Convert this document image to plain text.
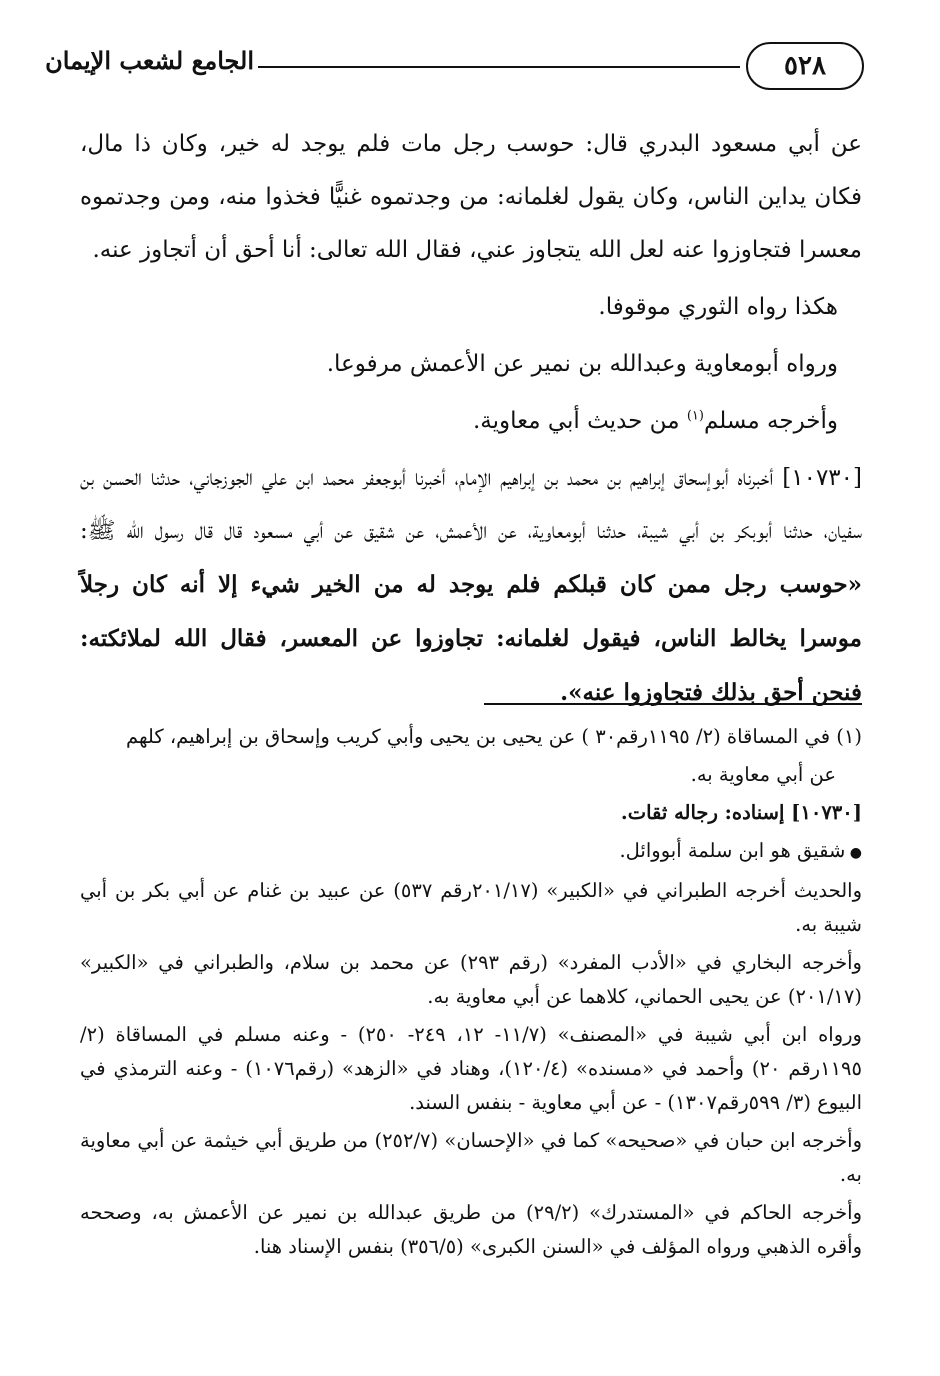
٥٢٨
الجامع لشعب الإيمان

عن أبي مسعود البدري قال: حوسب رجل مات فلم يوجد له خير، وكان ذا مال، فكان يداين الناس، وكان يقول لغلمانه: من وجدتموه غنيًّا فخذوا منه، ومن وجدتموه معسرا فتجاوزوا عنه لعل الله يتجاوز عني، فقال الله تعالى: أنا أحق أن أتجاوز عنه.

هكذا رواه الثوري موقوفا.

ورواه أبومعاوية وعبدالله بن نمير عن الأعمش مرفوعا.

وأخرجه مسلم$^{(١)}$ من حديث أبي معاوية.

[١٠٧٣٠] أخبرناه أبوإسحاق إبراهيم بن محمد بن إبراهيم الإمام، أخبرنا أبوجعفر محمد ابن علي الجوزجاني، حدثنا الحسن بن سفيان، حدثنا أبوبكر بن أبي شيبة، حدثنا أبومعاوية، عن الأعمش، عن شقيق عن أبي مسعود قال قال رسول الله ﷺ: «حوسب رجل ممن كان قبلكم فلم يوجد له من الخير شيء إلا أنه كان رجلاً موسرا يخالط الناس، فيقول لغلمانه: تجاوزوا عن المعسر، فقال الله لملائكته: فنحن أحق بذلك فتجاوزوا عنه».

(١) في المساقاة (٢/ ١١٩٥رقم٣٠ ) عن يحيى بن يحيى وأبي كريب وإسحاق بن إبراهيم، كلهم

عن أبي معاوية به.

[١٠٧٣٠] إسناده: رجاله ثقات.

● شقيق هو ابن سلمة أبووائل.

والحديث أخرجه الطبراني في «الكبير» (٢٠١/١٧رقم ٥٣٧) عن عبيد بن غنام عن أبي بكر بن أبي شيبة به.

وأخرجه البخاري في «الأدب المفرد» (رقم ٢٩٣) عن محمد بن سلام، والطبراني في «الكبير» (٢٠١/١٧) عن يحيى الحماني، كلاهما عن أبي معاوية به.

ورواه ابن أبي شيبة في «المصنف» (١١/٧- ١٢، ٢٤٩- ٢٥٠) - وعنه مسلم في المساقاة (٢/ ١١٩٥رقم ٢٠) وأحمد في «مسنده» (١٢٠/٤)، وهناد في «الزهد» (رقم١٠٧٦) - وعنه الترمذي في البيوع (٣/ ٥٩٩رقم١٣٠٧) - عن أبي معاوية - بنفس السند.

وأخرجه ابن حبان في «صحيحه» كما في «الإحسان» (٢٥٢/٧) من طريق أبي خيثمة عن أبي معاوية به.

وأخرجه الحاكم في «المستدرك» (٢٩/٢) من طريق عبدالله بن نمير عن الأعمش به، وصححه وأقره الذهبي ورواه المؤلف في «السنن الكبرى» (٣٥٦/٥) بنفس الإسناد هنا.
